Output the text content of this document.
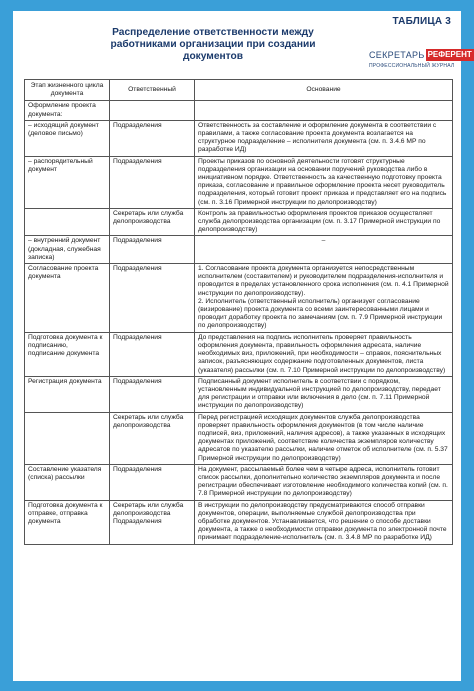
ТАБЛИЦА 3
Распределение ответственности между работниками организации при создании документов	СЕКРЕТАРЬ РЕФЕРЕНТ
ПРОФЕССИОНАЛЬНЫЙ ЖУРНАЛ
Этап жизненного цикла документа	Ответственный	Основание
Оформление проекта документа:		
– исходящий документ (деловое письмо)	Подразделения	Ответственность за составление и оформление документа в соответствии с правилами, а также согласование проекта документа возлагается на структурное подразделение – исполнителя документа (см. п. 3.4.6 МР по разработке ИД)
– распорядительный документ	Подразделения	Проекты приказов по основной деятельности готовят структурные подразделения организации на основании поручений руководства либо в инициативном порядке. Ответственность за качественную подготовку проекта приказа, согласование и правильное оформление проекта несет руководитель подразделения, который готовит проект приказа и представляет его на подпись (см. п. 3.16 Примерной инструкции по делопроизводству)
	Секретарь или служба делопроизводства	Контроль за правильностью оформления проектов приказов осуществляет служба делопроизводства организации (см. п. 3.17 Примерной инструкции по делопроизводству)
– внутренний документ (докладная, служебная записка)	Подразделения	–
Согласование проекта документа	Подразделения	1. Согласование проекта документа организуется непосредственным исполнителем (составителем) и руководителем подразделения-исполнителя и проводится в пределах установленного срока исполнения (см. п. 4.1 Примерной инструкции по делопроизводству).
2. Исполнитель (ответственный исполнитель) организует согласование (визирование) проекта документа со всеми заинтересованными лицами и проводит доработку проекта по замечаниям (см. п. 7.9 Примерной инструкции по делопроизводству)
Подготовка документа к подписанию, подписание документа	Подразделения	До представления на подпись исполнитель проверяет правильность оформления документа, правильность оформления адресата, наличие необходимых виз, приложений, при необходимости – справок, пояснительных записок, разъясняющих содержание подготовленных документов, листа (указателя) рассылки (см. п. 7.10 Примерной инструкции по делопроизводству)
Регистрация документа	Подразделения	Подписанный документ исполнитель в соответствии с порядком, установленным индивидуальной инструкцией по делопроизводству, передает для регистрации и отправки или включения в дело (см. п. 7.11 Примерной инструкции по делопроизводству)
	Секретарь или служба делопроизводства	Перед регистрацией исходящих документов служба делопроизводства проверяет правильность оформления документов (в том числе наличие подписей, виз, приложений, наличия адресов), а также указанных в исходящих документах приложений, соответствие количества экземпляров количеству адресатов по указателю рассылки, наличие отметок об исполнителе (см. п. 5.37 Примерной инструкции по делопроизводству)
Составление указателя (списка) рассылки	Подразделения	На документ, рассылаемый более чем в четыре адреса, исполнитель готовит список рассылки, дополнительно количество экземпляров документа и после регистрации обеспечивает изготовление необходимого количества копий (см. п. 7.8 Примерной инструкции по делопроизводству)
Подготовка документа к отправке, отправка документа	Секретарь или служба делопроизводства
Подразделения	В инструкции по делопроизводству предусматриваются способ отправки документов, операции, выполняемые службой делопроизводства при обработке документов. Устанавливается, что решение о способе доставки документа, а также о необходимости отправки документа по электронной почте принимает подразделение-исполнитель (см. п. 3.4.8 МР по разработке ИД)
